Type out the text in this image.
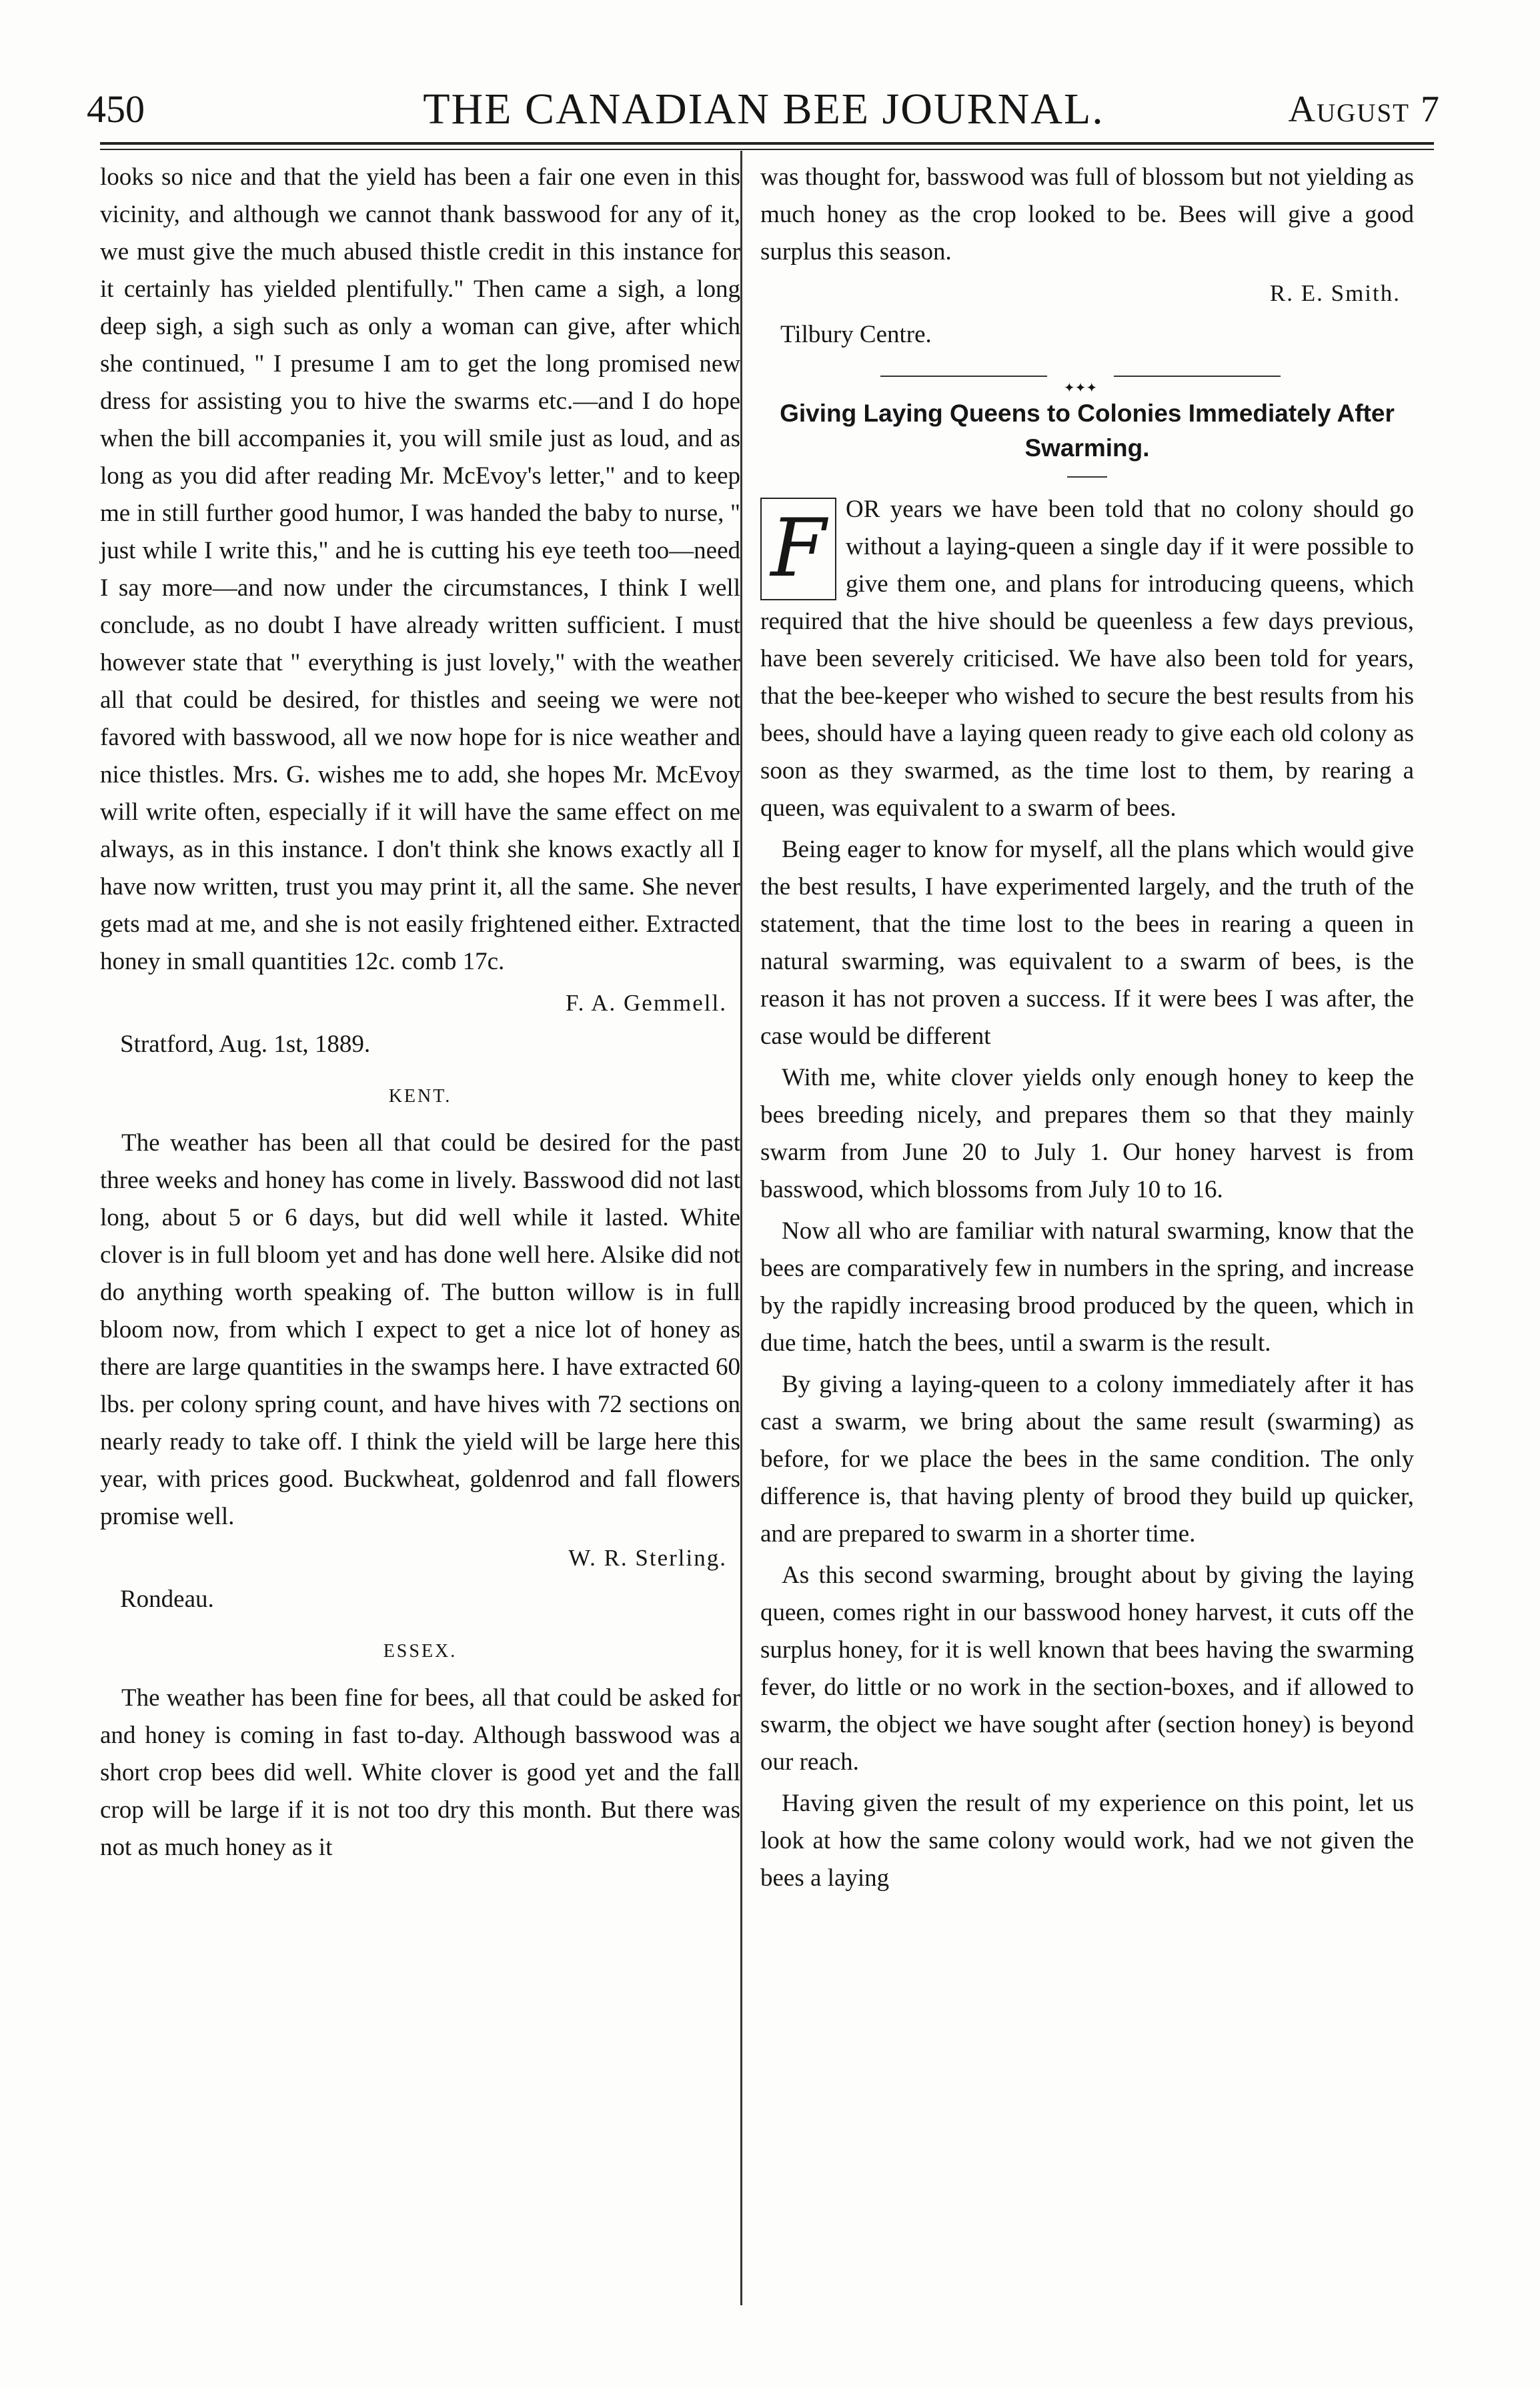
450	THE CANADIAN BEE JOURNAL.	August 7

looks so nice and that the yield has been a fair one even in this vicinity, and although we cannot thank basswood for any of it, we must give the much abused thistle credit in this instance for it certainly has yielded plentifully." Then came a sigh, a long deep sigh, a sigh such as only a woman can give, after which she continued, " I presume I am to get the long promised new dress for assisting you to hive the swarms etc.—and I do hope when the bill accompanies it, you will smile just as loud, and as long as you did after reading Mr. McEvoy's letter," and to keep me in still further good humor, I was handed the baby to nurse, " just while I write this," and he is cutting his eye teeth too—need I say more—and now under the circumstances, I think I well conclude, as no doubt I have already written sufficient. I must however state that " everything is just lovely," with the weather all that could be desired, for thistles and seeing we were not favored with basswood, all we now hope for is nice weather and nice thistles. Mrs. G. wishes me to add, she hopes Mr. McEvoy will write often, especially if it will have the same effect on me always, as in this instance. I don't think she knows exactly all I have now written, trust you may print it, all the same. She never gets mad at me, and she is not easily frightened either. Extracted honey in small quantities 12c. comb 17c.

F. A. Gemmell.

Stratford, Aug. 1st, 1889.

KENT.

The weather has been all that could be desired for the past three weeks and honey has come in lively. Basswood did not last long, about 5 or 6 days, but did well while it lasted. White clover is in full bloom yet and has done well here. Alsike did not do anything worth speaking of. The button willow is in full bloom now, from which I expect to get a nice lot of honey as there are large quantities in the swamps here. I have extracted 60 lbs. per colony spring count, and have hives with 72 sections on nearly ready to take off. I think the yield will be large here this year, with prices good. Buckwheat, goldenrod and fall flowers promise well.

W. R. Sterling.

Rondeau.

ESSEX.

The weather has been fine for bees, all that could be asked for and honey is coming in fast to-day. Although basswood was a short crop bees did well. White clover is good yet and the fall crop will be large if it is not too dry this month. But there was not as much honey as it

was thought for, basswood was full of blossom but not yielding as much honey as the crop looked to be. Bees will give a good surplus this season.

R. E. Smith.

Tilbury Centre.

✦✦✦
Giving Laying Queens to Colonies Immediately After Swarming.
F OR years we have been told that no colony should go without a laying-queen a single day if it were possible to give them one, and plans for introducing queens, which required that the hive should be queenless a few days previous, have been severely criticised. We have also been told for years, that the bee-keeper who wished to secure the best results from his bees, should have a laying queen ready to give each old colony as soon as they swarmed, as the time lost to them, by rearing a queen, was equivalent to a swarm of bees.

Being eager to know for myself, all the plans which would give the best results, I have experimented largely, and the truth of the statement, that the time lost to the bees in rearing a queen in natural swarming, was equivalent to a swarm of bees, is the reason it has not proven a success. If it were bees I was after, the case would be different

With me, white clover yields only enough honey to keep the bees breeding nicely, and prepares them so that they mainly swarm from June 20 to July 1. Our honey harvest is from basswood, which blossoms from July 10 to 16.

Now all who are familiar with natural swarming, know that the bees are comparatively few in numbers in the spring, and increase by the rapidly increasing brood produced by the queen, which in due time, hatch the bees, until a swarm is the result.

By giving a laying-queen to a colony immediately after it has cast a swarm, we bring about the same result (swarming) as before, for we place the bees in the same condition. The only difference is, that having plenty of brood they build up quicker, and are prepared to swarm in a shorter time.

As this second swarming, brought about by giving the laying queen, comes right in our basswood honey harvest, it cuts off the surplus honey, for it is well known that bees having the swarming fever, do little or no work in the section-boxes, and if allowed to swarm, the object we have sought after (section honey) is beyond our reach.

Having given the result of my experience on this point, let us look at how the same colony would work, had we not given the bees a laying
